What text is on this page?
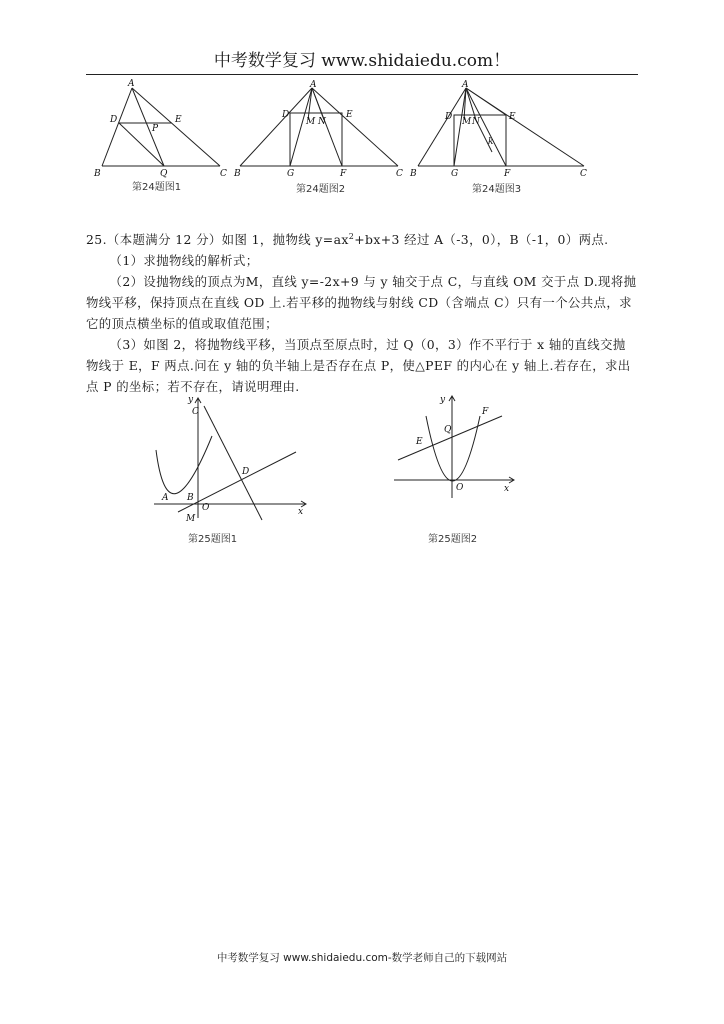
中考数学复习 www.shidaiedu.com！
A
D	E
P
B	Q	C
第24题图1
A
D	E
M N
B	G	F	C
第24题图2
A
D	E
M N
k
B	G	F	C
第24题图3

25.（本题满分 12 分）如图 1，抛物线 $y=ax^2+bx+3$ 经过 A（-3，0），B（-1，0）两点.

（1）求抛物线的解析式；

（2）设抛物线的顶点为M，直线 y=-2x+9 与 y 轴交于点 C，与直线 OM 交于点 D.现将抛物线平移，保持顶点在直线 OD 上.若平移的抛物线与射线 CD（含端点 C）只有一个公共点，求它的顶点横坐标的值或取值范围；

（3）如图 2，将抛物线平移，当顶点至原点时，过 Q（0，3）作不平行于 x 轴的直线交抛物线于 E，F 两点.问在 y 轴的负半轴上是否存在点 P，使△PEF 的内心在 y 轴上.若存在，求出点 P 的坐标；若不存在，请说明理由.

y
C
D
A B
O
M
x
第25题图1
y
F
Q
E
O	x
第25题图2
中考数学复习 www.shidaiedu.com-数学老师自己的下载网站
